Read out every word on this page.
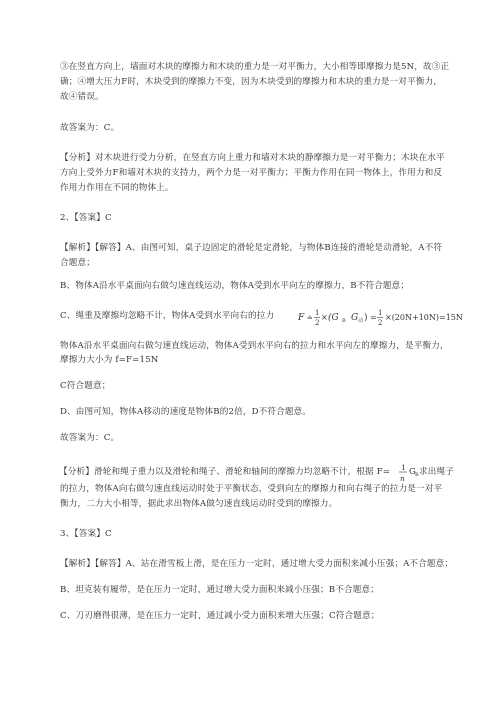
③在竖直方向上，墙面对木块的摩擦力和木块的重力是一对平衡力，大小相等即摩擦力是5N，故③正
确；④增大压力F时，木块受到的摩擦力不变，因为木块受到的摩擦力和木块的重力是一对平衡力，
故④错误。
故答案为：C。
【分析】对木块进行受力分析，在竖直方向上重力和墙对木块的静摩擦力是一对平衡力；木块在水平
方向上受外力F和墙对木块的支持力，两个力是一对平衡力；平衡力作用在同一物体上，作用力和反
作用力作用在不同的物体上。
2、【答案】C
【解析】【解答】A、由图可知，桌子边固定的滑轮是定滑轮，与物体B连接的滑轮是动滑轮，A不符
合题意；
B、物体A沿水平桌面向右做匀速直线运动，物体A受到水平向左的摩擦力，B不符合题意；
C、绳重及摩擦均忽略不计，物体A受到水平向右的拉力	F ≐
1
2
× (G B G 动 ) = 1
2
×(20N+10N)=15N
物体A沿水平桌面向右做匀速直线运动，物体A受到水平向右的拉力和水平向左的摩擦力，是平衡力，
摩擦力大小为 f=F=15N
C符合题意；
D、由图可知，物体A移动的速度是物体B的2倍，D不符合题意。
故答案为：C。
【分析】滑轮和绳子重力以及滑轮和绳子、滑轮和轴间的摩擦力均忽略不计，根据 F= 1
n
G
B 求出绳子
的拉力，物体A向右做匀速直线运动时处于平衡状态，受到向左的摩擦力和向右绳子的拉力是一对平
衡力，二力大小相等，据此求出物体A做匀速直线运动时受到的摩擦力。
3、【答案】C
【解析】【解答】A、站在滑雪板上滑，是在压力一定时，通过增大受力面积来减小压强；A不合题意；
B、坦克装有履带，是在压力一定时，通过增大受力面积来减小压强；B不合题意；
C、刀刃磨得很薄，是在压力一定时，通过减小受力面积来增大压强；C符合题意；
